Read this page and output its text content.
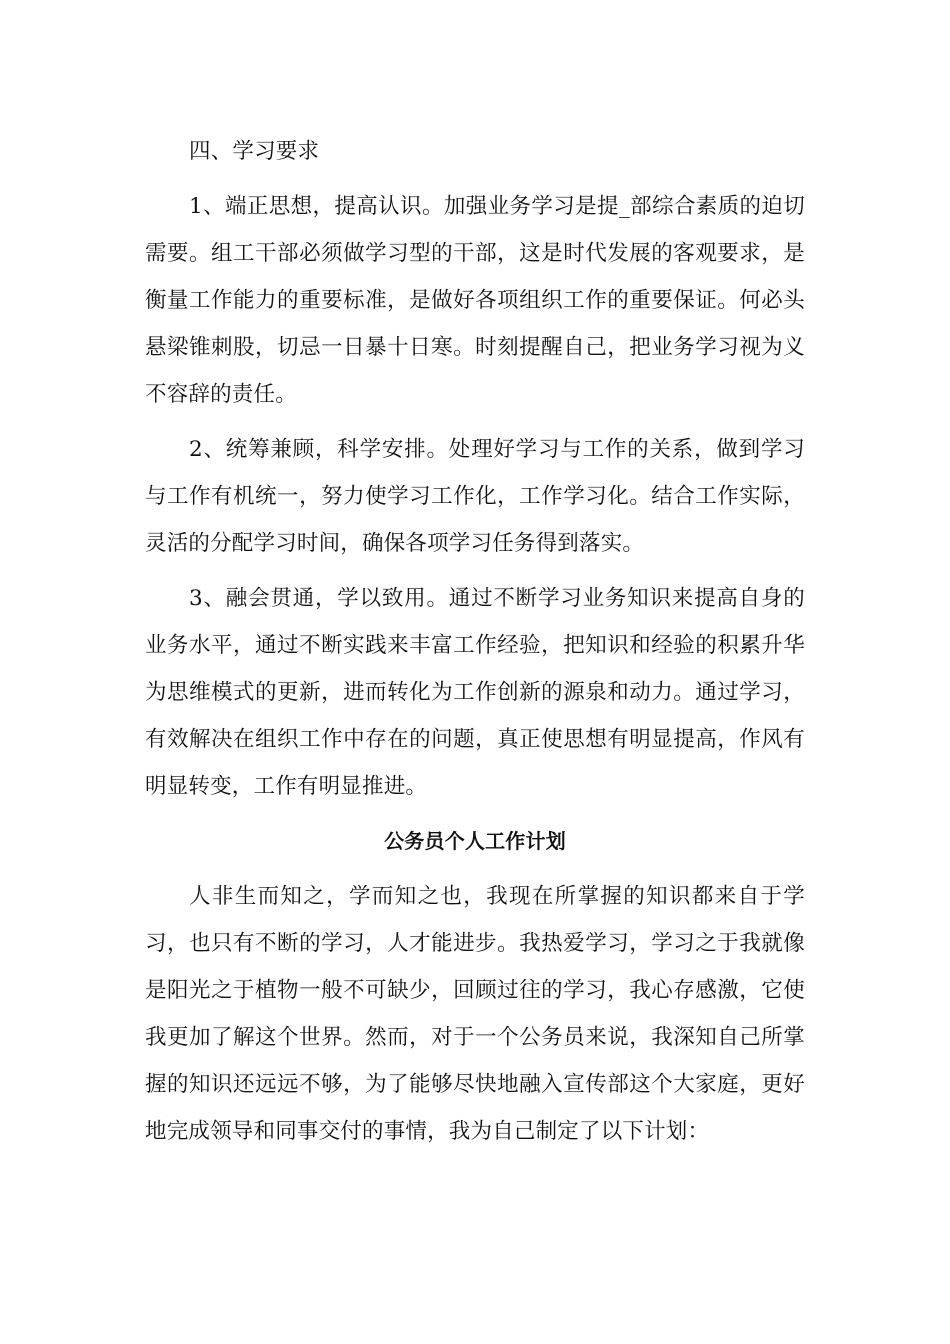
四、学习要求

1、端正思想，提高认识。加强业务学习是提_部综合素质的迫切需要。组工干部必须做学习型的干部，这是时代发展的客观要求，是衡量工作能力的重要标准，是做好各项组织工作的重要保证。何必头悬梁锥刺股，切忌一日暴十日寒。时刻提醒自己，把业务学习视为义不容辞的责任。

2、统筹兼顾，科学安排。处理好学习与工作的关系，做到学习与工作有机统一，努力使学习工作化，工作学习化。结合工作实际，灵活的分配学习时间，确保各项学习任务得到落实。

3、融会贯通，学以致用。通过不断学习业务知识来提高自身的业务水平，通过不断实践来丰富工作经验，把知识和经验的积累升华为思维模式的更新，进而转化为工作创新的源泉和动力。通过学习，有效解决在组织工作中存在的问题，真正使思想有明显提高，作风有明显转变，工作有明显推进。

公务员个人工作计划

人非生而知之，学而知之也，我现在所掌握的知识都来自于学习，也只有不断的学习，人才能进步。我热爱学习，学习之于我就像是阳光之于植物一般不可缺少，回顾过往的学习，我心存感激，它使我更加了解这个世界。然而，对于一个公务员来说，我深知自己所掌握的知识还远远不够，为了能够尽快地融入宣传部这个大家庭，更好地完成领导和同事交付的事情，我为自己制定了以下计划：
